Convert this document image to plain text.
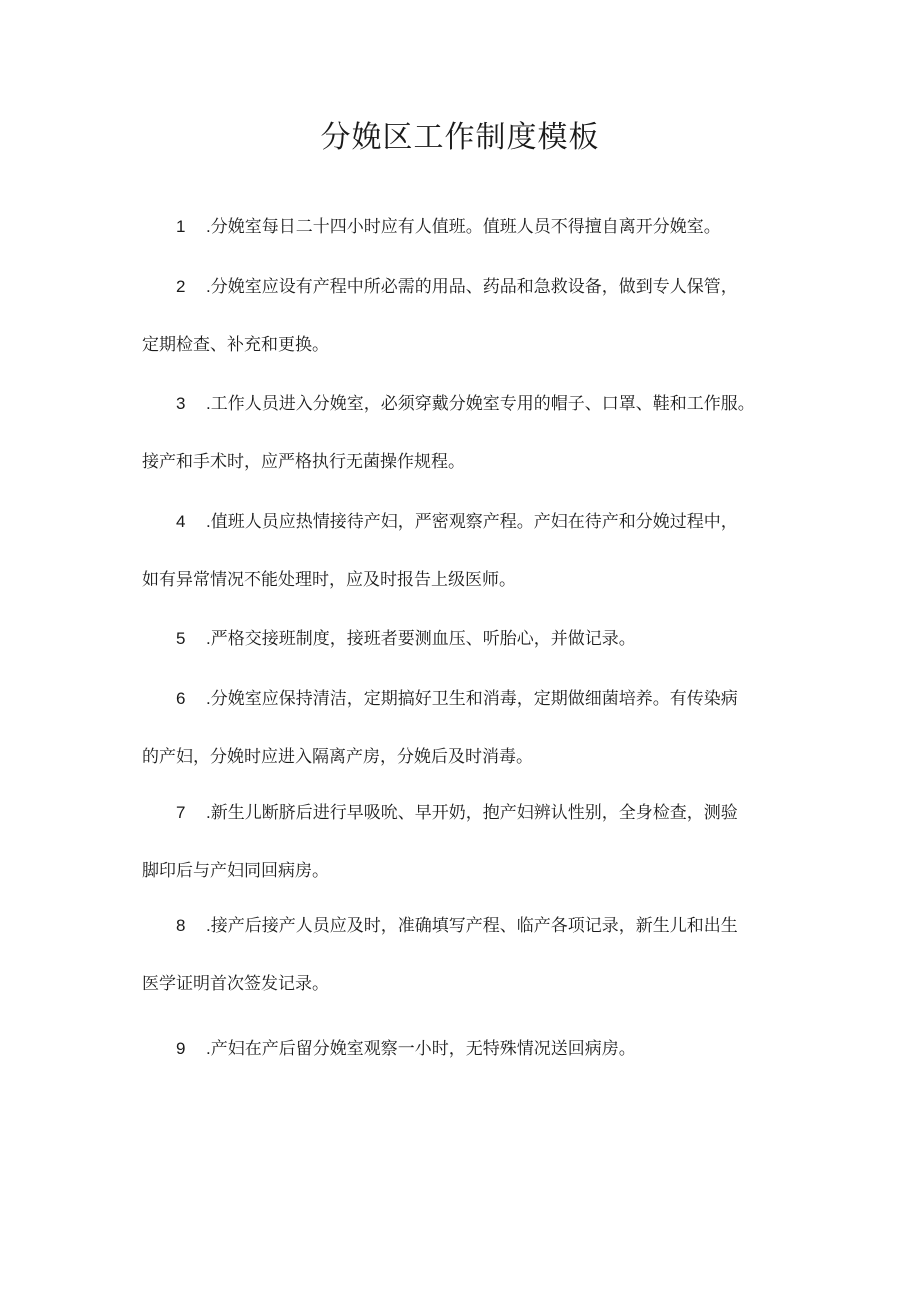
分娩区工作制度模板
1 .分娩室每日二十四小时应有人值班。值班人员不得擅自离开分娩室。
2 .分娩室应设有产程中所必需的用品、药品和急救设备，做到专人保管，
定期检查、补充和更换。
3 .工作人员进入分娩室，必须穿戴分娩室专用的帽子、口罩、鞋和工作服。
接产和手术时，应严格执行无菌操作规程。
4 .值班人员应热情接待产妇，严密观察产程。产妇在待产和分娩过程中，
如有异常情况不能处理时，应及时报告上级医师。
5 .严格交接班制度，接班者要测血压、听胎心，并做记录。
6 .分娩室应保持清洁，定期搞好卫生和消毒，定期做细菌培养。有传染病
的产妇，分娩时应进入隔离产房，分娩后及时消毒。
7 .新生儿断脐后进行早吸吮、早开奶，抱产妇辨认性别，全身检查，测验
脚印后与产妇同回病房。
8 .接产后接产人员应及时，准确填写产程、临产各项记录，新生儿和出生
医学证明首次签发记录。
9 .产妇在产后留分娩室观察一小时，无特殊情况送回病房。
